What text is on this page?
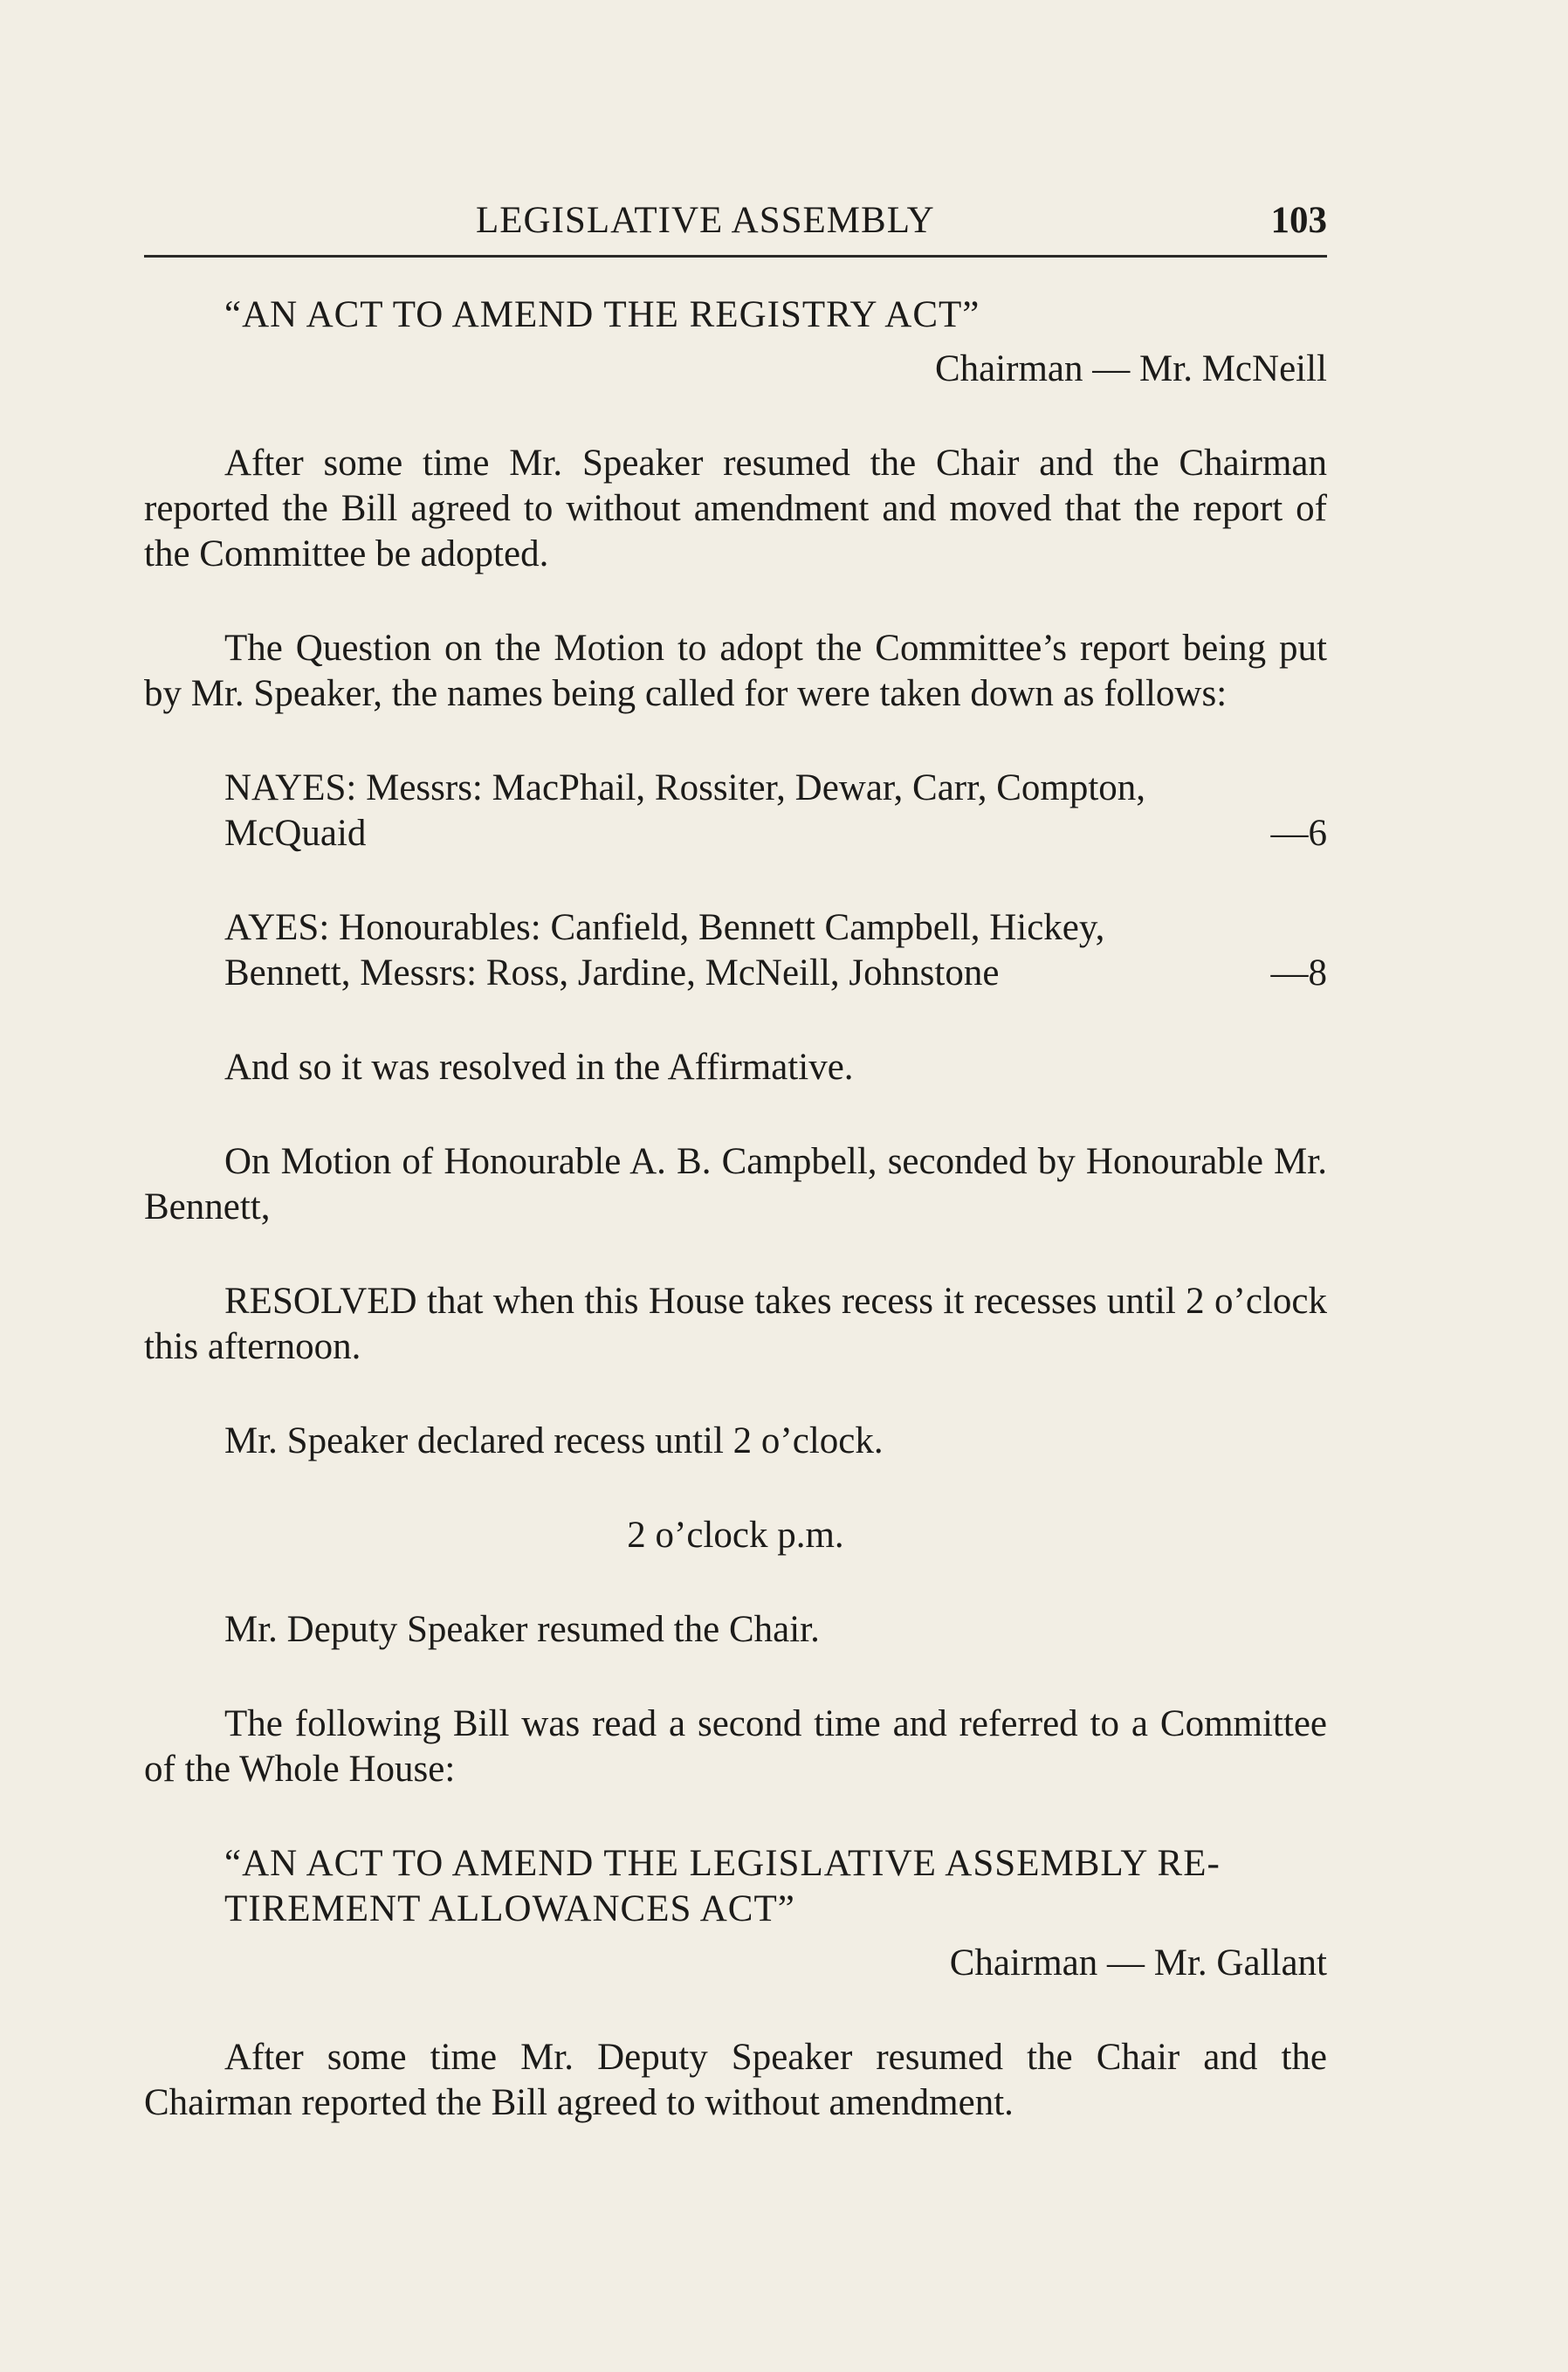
LEGISLATIVE ASSEMBLY	103

“AN ACT TO AMEND THE REGISTRY ACT”

Chairman — Mr. McNeill

After some time Mr. Speaker resumed the Chair and the Chairman reported the Bill agreed to without amendment and moved that the report of the Committee be adopted.

The Question on the Motion to adopt the Committee’s report being put by Mr. Speaker, the names being called for were taken down as follows:

NAYES: Messrs: MacPhail, Rossiter, Dewar, Carr, Compton,

McQuaid	—6

AYES: Honourables: Canfield, Bennett Campbell, Hickey,

Bennett, Messrs: Ross, Jardine, McNeill, Johnstone	—8

And so it was resolved in the Affirmative.

On Motion of Honourable A. B. Campbell, seconded by Honourable Mr. Bennett,

RESOLVED that when this House takes recess it recesses until 2 o’clock this afternoon.

Mr. Speaker declared recess until 2 o’clock.

2 o’clock p.m.

Mr. Deputy Speaker resumed the Chair.

The following Bill was read a second time and referred to a Committee of the Whole House:

“AN ACT TO AMEND THE LEGISLATIVE ASSEMBLY RE-

TIREMENT ALLOWANCES ACT”

Chairman — Mr. Gallant

After some time Mr. Deputy Speaker resumed the Chair and the Chairman reported the Bill agreed to without amendment.
